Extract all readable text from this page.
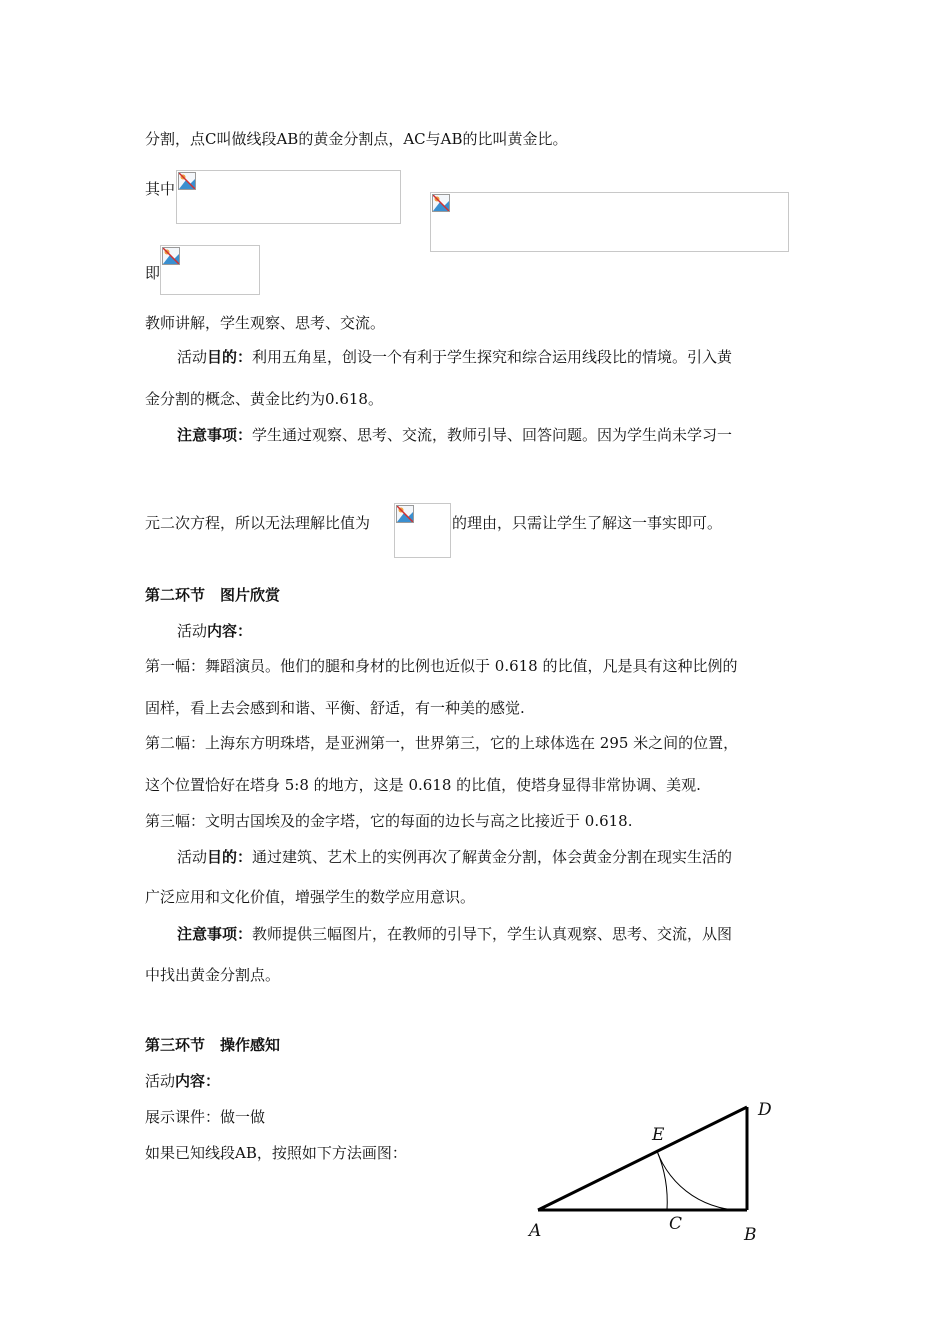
分割，点C叫做线段AB的黄金分割点，AC与AB的比叫黄金比。
其中
即
教师讲解，学生观察、思考、交流。
活动目的：利用五角星，创设一个有利于学生探究和综合运用线段比的情境。引入黄
金分割的概念、黄金比约为0.618。
注意事项：学生通过观察、思考、交流，教师引导、回答问题。因为学生尚未学习一
元二次方程，所以无法理解比值为	的理由，只需让学生了解这一事实即可。
第二环节　图片欣赏
活动内容：
第一幅：舞蹈演员。他们的腿和身材的比例也近似于 0.618 的比值，凡是具有这种比例的
固样，看上去会感到和谐、平衡、舒适，有一种美的感觉.
第二幅：上海东方明珠塔，是亚洲第一，世界第三，它的上球体选在 295 米之间的位置，
这个位置恰好在塔身 5:8 的地方，这是 0.618 的比值，使塔身显得非常协调、美观.
第三幅：文明古国埃及的金字塔，它的每面的边长与高之比接近于 0.618.
活动目的：通过建筑、艺术上的实例再次了解黄金分割，体会黄金分割在现实生活的
广泛应用和文化价值，增强学生的数学应用意识。
注意事项：教师提供三幅图片，在教师的引导下，学生认真观察、思考、交流，从图
中找出黄金分割点。
第三环节　操作感知
活动内容：
展示课件：做一做
如果已知线段AB，按照如下方法画图：
A	B
C
D
E
